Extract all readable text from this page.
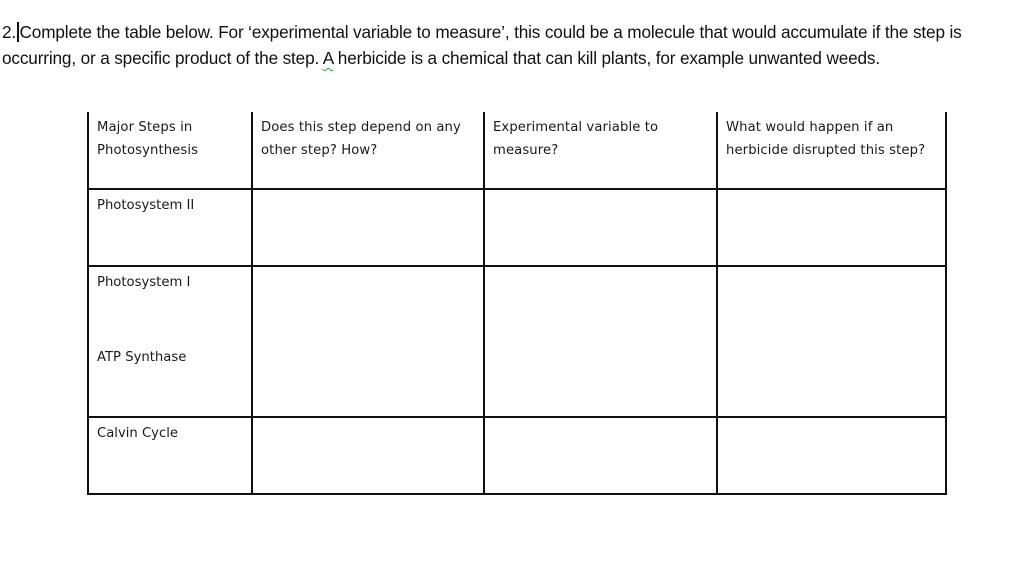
2. Complete the table below. For ‘experimental variable to measure’, this could be a molecule that would accumulate if the step is occurring, or a specific product of the step. A herbicide is a chemical that can kill plants, for example unwanted weeds.
Major Steps in Photosynthesis	Does this step depend on any other step? How?	Experimental variable to measure?	What would happen if an herbicide disrupted this step?

Photosystem II			

Photosystem I
ATP Synthase			

Calvin Cycle			
